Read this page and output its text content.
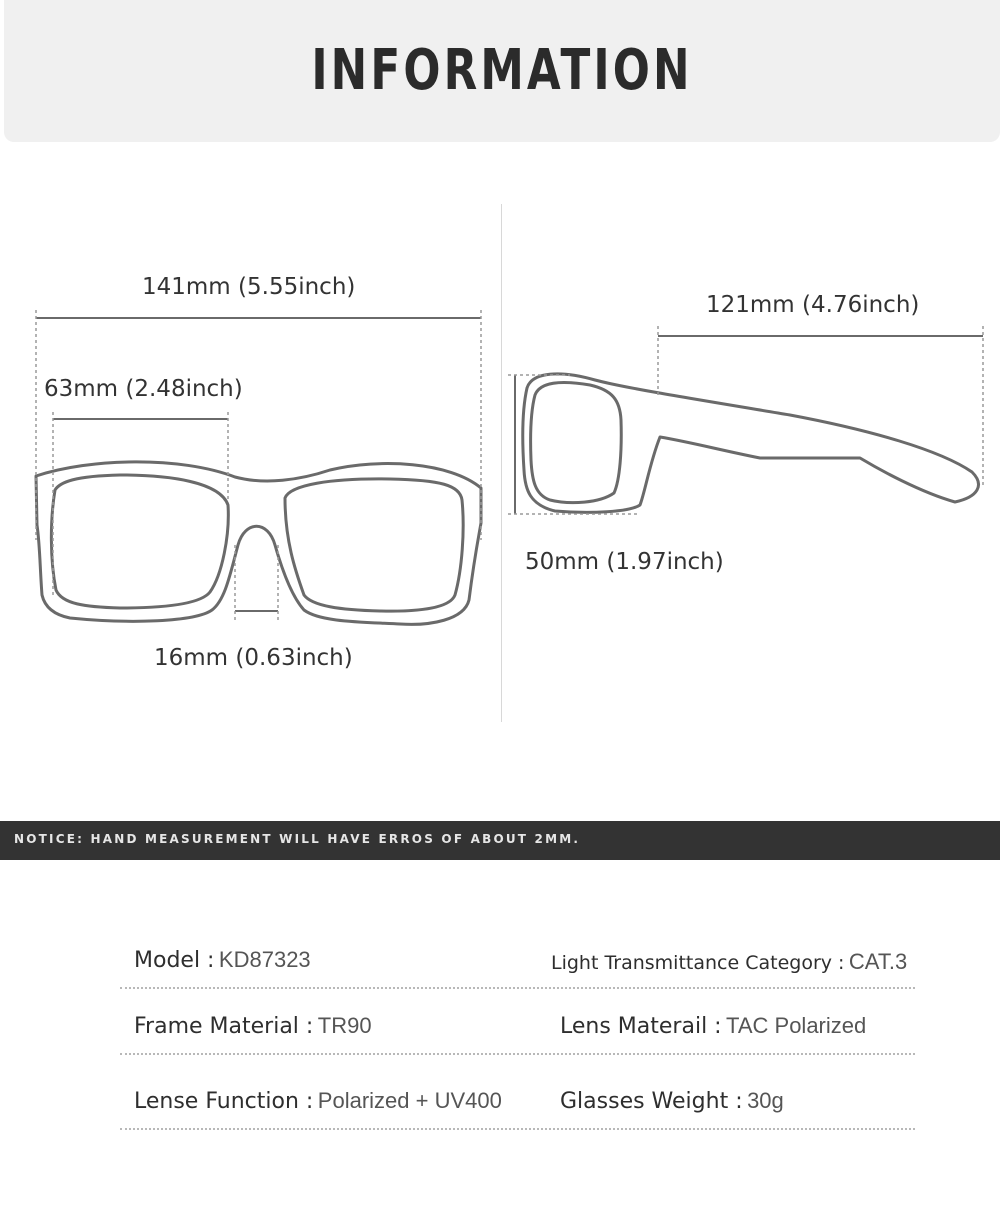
INFORMATION
141mm (5.55inch)
63mm (2.48inch)
16mm (0.63inch)
121mm (4.76inch)
50mm (1.97inch)
NOTICE: HAND MEASUREMENT WILL HAVE ERROS OF ABOUT 2MM.
Model : KD87323	Light Transmittance Category : CAT.3
Frame Material : TR90	Lens Materail : TAC Polarized
Lense Function : Polarized + UV400	Glasses Weight : 30g
